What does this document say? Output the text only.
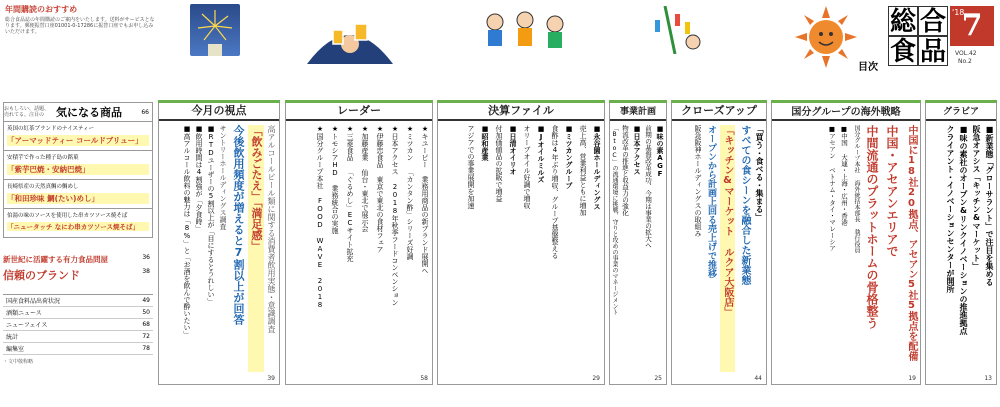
年間購読のおすすめ
総合食品誌の年間購読のご案内をいたします。送料がサービスとなります。郵便振替口座01001-0-17286に振替口座でもお申し込みいただけます。	総 合
食 品
'18
7
VOL.42
No.2
目次
おもしろい、話題、売れてる。注目の	気になる商品	66
英国の紅茶ブランドのナイスティー
「アーマッドティー コールドブリュー」
安積芋で作った種子島の銘菓
「紫芋巴焼・安納巴焼」
長崎県産の天然真鯛の鯛めし
「和田珍味 鯛(たい)めし」
伯湯の味のソースを使用した串カツソース焼そば
「ニュータッチ なにわ串カツソース焼そば」
新世紀に活躍する有力食品問屋	36
信頼のブランド	38
国産食料品出荷状況	49
酒類ニュース	50
ニューフェイス	68
統計	72
編集室	78
・文中敬称略
今月の視点
高アルコールビール類に関する消費者飲用実態・意識調査
「飲みごたえ」「満足感」
今後飲用頻度が増えると7割以上が回答
サントリーホールディングス調査
■RTDユーザーの5割以上が「目にするとうれしい」
■飲用時間は4割強が「夕食時」
■高アルコール飲料の魅力は「8%」と「お酒を飲んで酔いたい」
39
レーダー
★キユーピー 業務用商品の新ブランド展開へ
★ミツカン 「カンタン酢」シリーズ好調
★日本アクセス 2018年秋季フードコンベンション
★伊藤忠食品 東京で東北の食材フェア
★加藤産業 仙台・東北で展示会
★三菱食品 「ぐるめし」ECサイト拡充
★トモシアHD 業務統合の実施
★国分グループ本社 FOOD WAVE 2018
58
決算ファイル
■永谷園ホールディングス
売上高、営業利益ともに増加
■ミツカングループ
食酢は4年ぶり増収、グループ基盤整える
■Jオイルミルズ
オリーブオイル好調で増収
■日清オイリオ
付加価値品の拡販で増益
■昭和産業
アジアでの事業展開を加速
29
事業計画
■味の素AGF
前期の基盤改革成功、今期は事業の拡大へ
■日本アクセス
物流改革の推進と収益力の強化
「BtoC」の流通環境に挑戦、守りと攻めの事業のマネージメント
25
クローズアップ
「買う・食べる・集まる」
すべての食シーンを融合した新業態
「キッチン&マーケット ルクア大阪店」
オープンから計画上回る売上げで推移
阪急阪神ホールディングスの取組み
44
国分グループの海外戦略
中国に18社20拠点、アセアン5社5拠点を配備
中国・アセアンエリアで
中間流通のプラットホームの骨格整う
国分グループ本社 海外統括本部長 執行役員
■中国 大連・上海・広州・香港
■アセアン ベトナム・タイ・マレーシア
19
グラビア
■新業態「グローサラント」で注目を集める
阪急オアシス「キッチン&マーケット」
■味の素社のオープン&リンクイノベーションの推進拠点
クライアント・イノベーションセンターが開所
13
